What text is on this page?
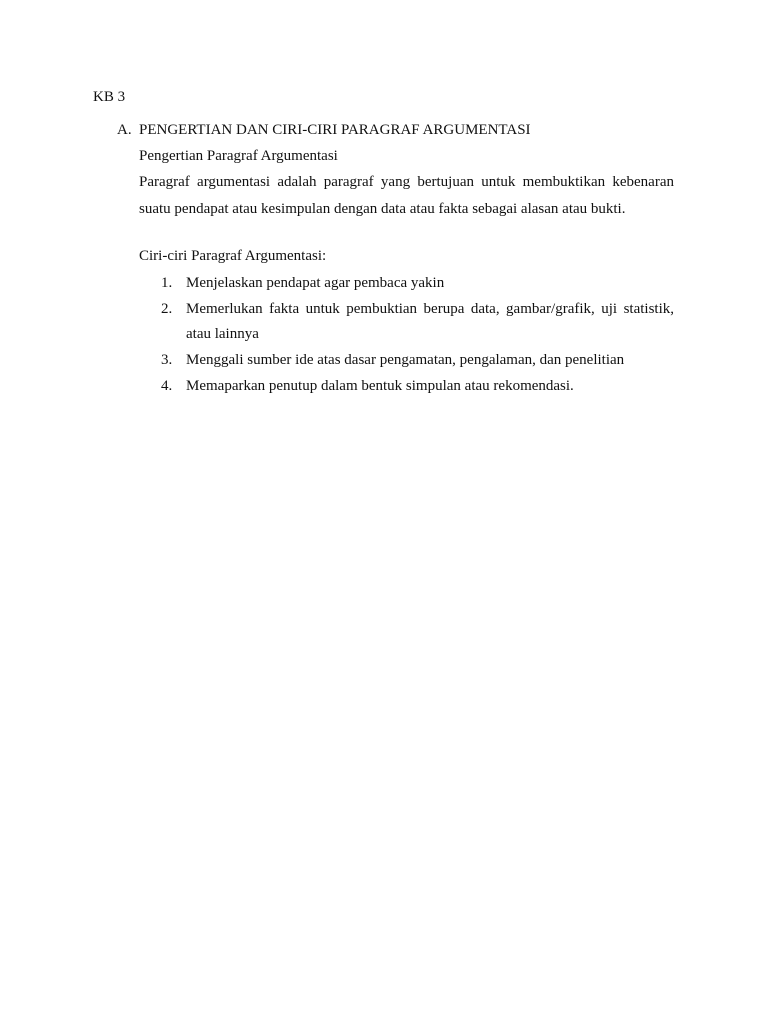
KB 3
A. PENGERTIAN DAN CIRI-CIRI PARAGRAF ARGUMENTASI
Pengertian Paragraf Argumentasi
Paragraf argumentasi adalah paragraf yang bertujuan untuk membuktikan kebenaran suatu pendapat atau kesimpulan dengan data atau fakta sebagai alasan atau bukti.
Ciri-ciri Paragraf Argumentasi:
1. Menjelaskan pendapat agar pembaca yakin
2. Memerlukan fakta untuk pembuktian berupa data, gambar/grafik, uji statistik, atau lainnya
3. Menggali sumber ide atas dasar pengamatan, pengalaman, dan penelitian
4. Memaparkan penutup dalam bentuk simpulan atau rekomendasi.
